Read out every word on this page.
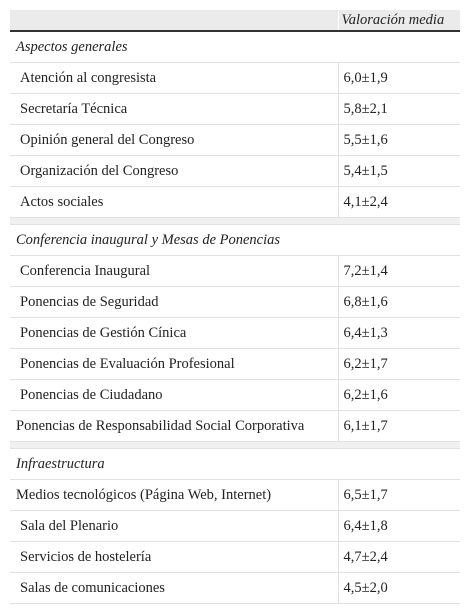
	Valoración media
Aspectos generales	
Atención al congresista	6,0±1,9
Secretaría Técnica	5,8±2,1
Opinión general del Congreso	5,5±1,6
Organización del Congreso	5,4±1,5
Actos sociales	4,1±2,4

Conferencia inaugural y Mesas de Ponencias	
Conferencia Inaugural	7,2±1,4
Ponencias de Seguridad	6,8±1,6
Ponencias de Gestión Cínica	6,4±1,3
Ponencias de Evaluación Profesional	6,2±1,7
Ponencias de Ciudadano	6,2±1,6
Ponencias de Responsabilidad Social Corporativa	6,1±1,7

Infraestructura	
Medios tecnológicos (Página Web, Internet)	6,5±1,7
Sala del Plenario	6,4±1,8
Servicios de hostelería	4,7±2,4
Salas de comunicaciones	4,5±2,0
